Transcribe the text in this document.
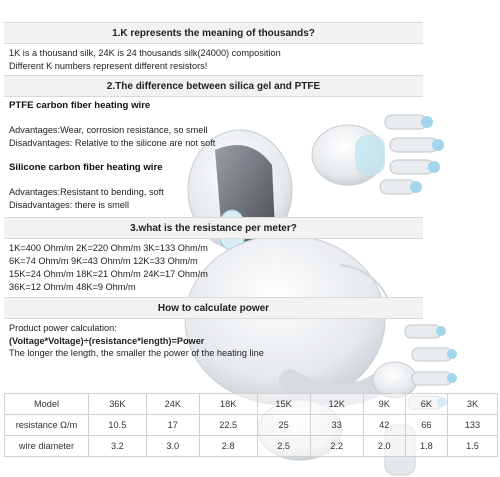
1.K represents the meaning of thousands?
1K is a thousand silk, 24K is 24 thousands silk(24000) composition
Different K numbers represent different resistors!
2.The difference between silica gel and PTFE
PTFE carbon fiber heating wire
Advantages:Wear, corrosion resistance, so smell
Disadvantages: Relative to the silicone are not soft
Silicone carbon fiber heating wire
Advantages:Resistant to bending, soft
Disadvantages: there is smell
3.what is the resistance per meter?
1K=400 Ohm/m 2K=220 Ohm/m 3K=133 Ohm/m
6K=74 Ohm/m 9K=43 Ohm/m 12K=33 Ohm/m
15K=24 Ohm/m 18K=21 Ohm/m 24K=17 Ohm/m
36K=12 Ohm/m 48K=9 Ohm/m
How to calculate power
Product power calculation:
(Voltage*Voltage)÷(resistance*length)=Power
The longer the length, the smaller the power of the heating line
Model	36K	24K	18K	15K	12K	9K	6K	3K
resistance Ω/m	10.5	17	22.5	25	33	42	66	133
wire diameter	3.2	3.0	2.8	2.5	2.2	2.0	1.8	1.5
